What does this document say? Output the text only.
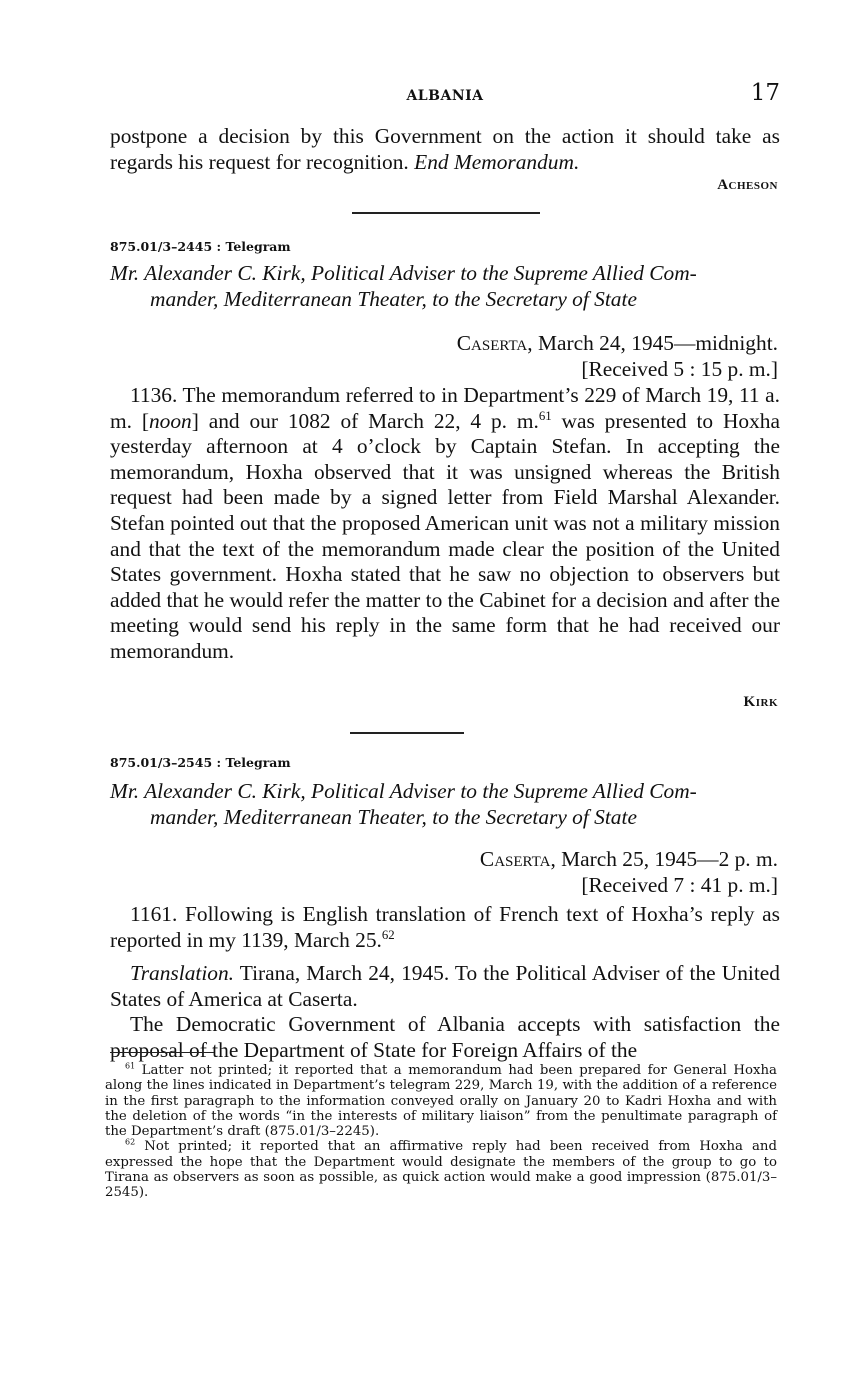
ALBANIA	17

postpone a decision by this Government on the action it should take as regards his request for recognition. End Memorandum.

Acheson
875.01/3–2445 : Telegram
Mr. Alexander C. Kirk, Political Adviser to the Supreme Allied Com-
mander, Mediterranean Theater, to the Secretary of State
Caserta, March 24, 1945—midnight.
[Received 5 : 15 p. m.]

1136. The memorandum referred to in Department’s 229 of March 19, 11 a. m. [noon] and our 1082 of March 22, 4 p. m.$^{61}$ was presented to Hoxha yesterday afternoon at 4 o’clock by Captain Stefan. In accepting the memorandum, Hoxha observed that it was unsigned whereas the British request had been made by a signed letter from Field Marshal Alexander. Stefan pointed out that the proposed American unit was not a military mission and that the text of the memorandum made clear the position of the United States government. Hoxha stated that he saw no objection to observers but added that he would refer the matter to the Cabinet for a decision and after the meeting would send his reply in the same form that he had received our memorandum.

Kirk
875.01/3–2545 : Telegram
Mr. Alexander C. Kirk, Political Adviser to the Supreme Allied Com-
mander, Mediterranean Theater, to the Secretary of State
Caserta, March 25, 1945—2 p. m.
[Received 7 : 41 p. m.]

1161. Following is English translation of French text of Hoxha’s reply as reported in my 1139, March 25.62

Translation. Tirana, March 24, 1945. To the Political Adviser of the United States of America at Caserta.

The Democratic Government of Albania accepts with satisfaction the proposal of the Department of State for Foreign Affairs of the

$^{61}$ Latter not printed; it reported that a memorandum had been prepared for General Hoxha along the lines indicated in Department’s telegram 229, March 19, with the addition of a reference in the first paragraph to the information conveyed orally on January 20 to Kadri Hoxha and with the deletion of the words “in the interests of military liaison” from the penultimate paragraph of the Department’s draft (875.01/3–2245).

$^{62}$ Not printed; it reported that an affirmative reply had been received from Hoxha and expressed the hope that the Department would designate the members of the group to go to Tirana as observers as soon as possible, as quick action would make a good impression (875.01/3–2545).
